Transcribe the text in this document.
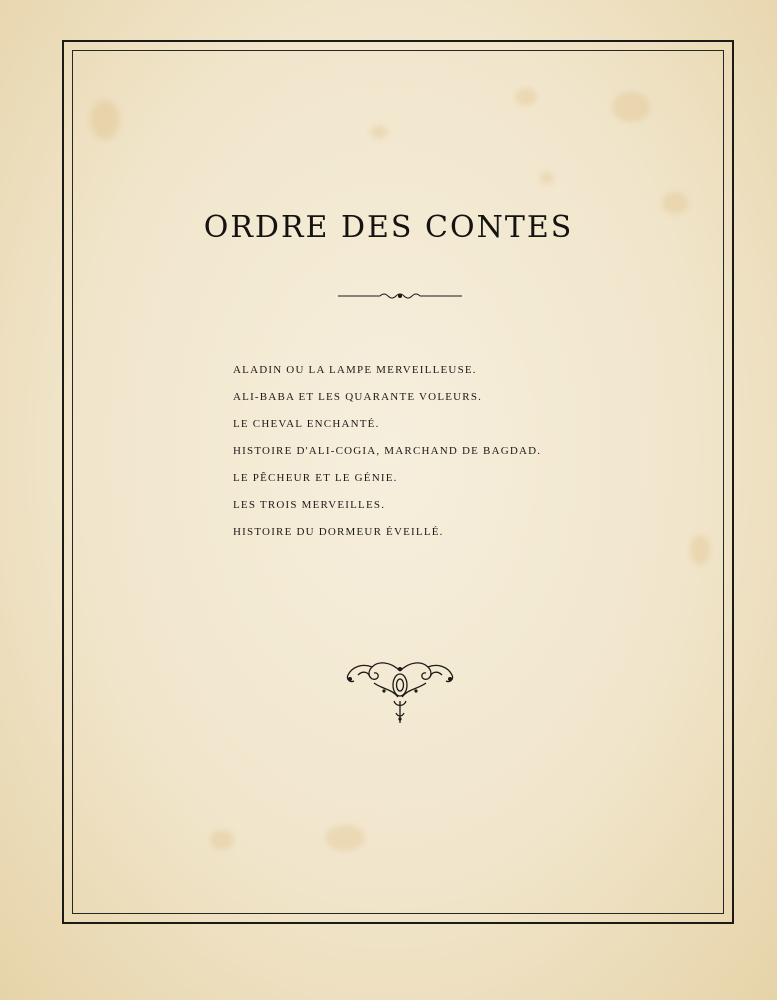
ORDRE DES CONTES
ALADIN OU LA LAMPE MERVEILLEUSE.
ALI-BABA ET LES QUARANTE VOLEURS.
LE CHEVAL ENCHANTÉ.
HISTOIRE D'ALI-COGIA, MARCHAND DE BAGDAD.
LE PÊCHEUR ET LE GÉNIE.
LES TROIS MERVEILLES.
HISTOIRE DU DORMEUR ÉVEILLÉ.
